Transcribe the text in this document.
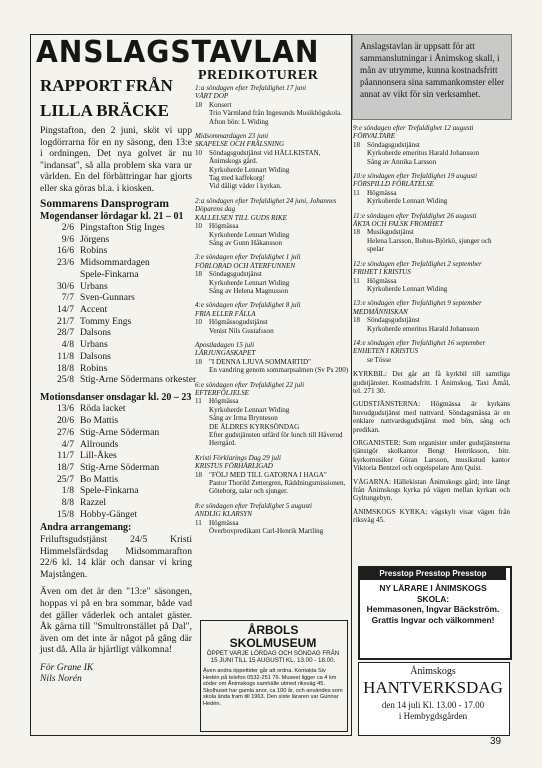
ANSLAGSTAVLAN	Anslagstavlan är uppsatt för att sammanslutningar i Ånimskog skall, i mån av utrymme, kunna kostnadsfritt påannonsera sina sammankomster eller annat av vikt för sin verksamhet.
RAPPORT FRÅN
LILLA BRÄCKE

Pingstafton, den 2 juni, sköt vi upp logdörrarna för en ny säsong, den 13:e i ordningen. Det nya golvet är nu "indansat", så alla problem ska vara ur världen. En del förbättringar har gjorts eller ska göras bl.a. i kiosken.

Sommarens Dansprogram
Mogendanser lördagar kl. 21 – 01
2/6 Pingstafton Stig Inges
9/6 Jörgens
16/6 Robins
23/6 Midsommardagen
Spele-Finkarna
30/6 Urbans
7/7 Sven-Gunnars
14/7 Accent
21/7 Tommy Engs
28/7 Dalsons
4/8 Urbans
11/8 Dalsons
18/8 Robins
25/8 Stig-Arne Södermans orkester
Motionsdanser onsdagar kl. 20 – 23
13/6 Röda lacket
20/6 Bo Mattis
27/6 Stig-Arne Söderman
4/7 Allrounds
11/7 Lill-Åkes
18/7 Stig-Arne Söderman
25/7 Bo Mattis
1/8 Spele-Finkarna
8/8 Razzel
15/8 Hobby-Gänget
Andra arrangemang:

Friluftsgudstjänst 24/5 Kristi Himmelsfärdsdag Midsommarafton 22/6 kl. 14 klär och dansar vi kring Majstången.

Även om det är den "13:e" säsongen, hoppas vi på en bra sommar, både vad det gäller väderlek och antalet gäster. Åk gärna till "Smultronstället på Dal", även om det inte är något på gång där just då. Alla är hjärtligt välkomna!

För Grane IK
Nils Norén
PREDIKOTURER
1:a söndagen efter Trefaldighet 17 juni
VÄRT DOP
18 Konsert
Trio Värmland från Ingesunds Musikhögskola. Afton bön: L Widing
Midsommardagen 23 juni
SKAPELSE OCH FRÄLSNING
10 Söndagsgudstjänst vid HÄLLKISTAN, Ånimskogs gård.
Kyrkoherde Lennart Widing
Tag med kaffekorg!
Vid dåligt väder i kyrkan.
2:a söndagen efter Trefaldighet 24 juni, Johannes Döparens dag
KALLELSEN TILL GUDS RIKE
10 Högmässa
Kyrkoherde Lennart Widing
Sång av Gunn Håkansson
3:e söndagen efter Trefaldighet 1 juli
FÖRLORAD OCH ÅTERFUNNEN
18 Söndagsgudstjänst
Kyrkoherde Lennart Widing
Sång av Helena Magnusson
4:e söndagen efter Trefaldighet 8 juli
FRIA ELLER FÄLLA
10 Högmässogudstjänst
Venist Nils Gustafsson
Apostladagen 15 juli
LÄRJUNGASKAPET
18 "I DENNA LJUVA SOMMARTID"
En vandring genom sommarpsalmen (Sv Ps 200)
6:e söndagen efter Trefaldighet 22 juli
EFTERFÖLJELSE
11	Högmässa
Kyrkoherde Lennart Widing
Sång av Irma Brynteson
DE ÄLDRES KYRKSÖNDAG
Efter gudstjänsten utfärd för lunch till Håverud Herrgård.
Kristi Förklarings Dag 29 juli
KRISTUS FÖRHÄRLIGAD
18 "FÖLJ MED TILL GATORNA I HAGA"
Pastor Thorild Zettergren, Räddningsmissionen, Göteborg, talar och sjunger.
8:e söndagen efter Trefaldighet 5 augusti
ANDLIG KLARSYN
11	Högmässa
Överbovpredikant Carl-Henrik Martling
9:e söndagen efter Trefaldighet 12 augusti
FÖRVALTARE
18 Söndagsgudstjänst
Kyrkoherde emeritus Harald Johansson
Sång av Annika Larsson
10:e söndagen efter Trefaldighet 19 augusti
FÖRSPILLD FÖRLÅTELSE
11	Högmässa
Kyrkoherde Lennart Widing
11:e söndagen efter Trefaldighet 26 augusti
ÄKTA OCH FALSK FROMHET
18 Musikgudstjänst
Helena Larsson, Bohus-Björkö, sjunger och spelar
12:e söndagen efter Trefaldighet 2 september
FRIHET I KRISTUS
11	Högmässa
Kyrkoherde Lennart Widing
13:e söndagen efter Trefaldighet 9 september
MEDMÄNNISKAN
18 Söndagsgudstjänst
Kyrkoherde emeritus Harald Johansson
14:e söndagen efter Trefaldighet 16 september
ENHETEN I KRISTUS
se Tösse

KYRKBIL: Det går att få kyrkbil till samtliga gudstjänster. Kostnadsfritt. I Ånimskog, Taxi Åmål, tel. 271 30.

GUDSTJÄNSTERNA: Högmässa är kyrkans huvudgudstjänst med nattvard. Söndagsmässa är en enklare nattvardsgudstjänst med bön, sång och predikan.

ORGANISTER: Som organister under gudstjänsterna tjänstgör skolkantor Bengt Henriksson, bitr. kyrkomusiker Göran Larsson, musikstud kantor Viktoria Bentzel och orgelspelare Ann Quist.

VÄGARNA: Hällekistan Ånimskogs gård; inte långt från Ånimskogs kyrka på vägen mellan kyrkan och Gyltungebyn.

ÅNIMSKOGS KYRKA; vägskylt visar vägen från riksväg 45.

ÅRBOLS
SKOLMUSEUM
ÖPPET VARJE LÖRDAG OCH SÖNDAG FRÅN 15 JUNI TILL 15 AUGUSTI KL. 13.00 - 18.00.
Även andra öppettider går att ordna. Kontakta Siv Hedén på telefon 0532-251 76. Museet ligger ca 4 km söder om Ånimskogs samhälle utmed riksväg 45. Skolhuset har gamla anor, ca 100 år, och användes som skola ända fram till 1963. Den siste läraren var Gunnar Hedén.
Presstop Presstop Presstop
NY LÄRARE I ÅNIMSKOGS
SKOLA:
Hemmasonen, Ingvar Bäckström.
Grattis Ingvar och välkommen!
Ånimskogs
HANTVERKSDAG
den 14 juli Kl. 13.00 - 17.00
i Hembygdsgården
39
